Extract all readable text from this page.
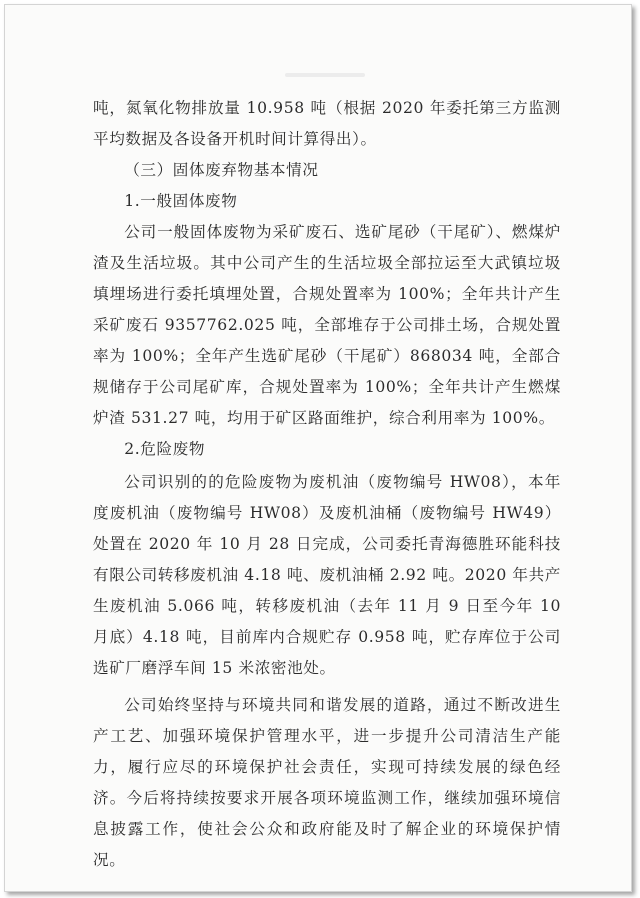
吨，氮氧化物排放量 10.958 吨（根据 2020 年委托第三方监测平均数据及各设备开机时间计算得出）。

（三）固体废弃物基本情况

1.一般固体废物

公司一般固体废物为采矿废石、选矿尾砂（干尾矿）、燃煤炉渣及生活垃圾。其中公司产生的生活垃圾全部拉运至大武镇垃圾填埋场进行委托填埋处置，合规处置率为 100%；全年共计产生采矿废石 9357762.025 吨，全部堆存于公司排土场，合规处置率为 100%；全年产生选矿尾砂（干尾矿）868034 吨，全部合规储存于公司尾矿库，合规处置率为 100%；全年共计产生燃煤炉渣 531.27 吨，均用于矿区路面维护，综合利用率为 100%。

2.危险废物

公司识别的的危险废物为废机油（废物编号 HW08），本年度废机油（废物编号 HW08）及废机油桶（废物编号 HW49）处置在 2020 年 10 月 28 日完成，公司委托青海德胜环能科技有限公司转移废机油 4.18 吨、废机油桶 2.92 吨。2020 年共产生废机油 5.066 吨，转移废机油（去年 11 月 9 日至今年 10 月底）4.18 吨，目前库内合规贮存 0.958 吨，贮存库位于公司选矿厂磨浮车间 15 米浓密池处。

公司始终坚持与环境共同和谐发展的道路，通过不断改进生产工艺、加强环境保护管理水平，进一步提升公司清洁生产能力，履行应尽的环境保护社会责任，实现可持续发展的绿色经济。今后将持续按要求开展各项环境监测工作，继续加强环境信息披露工作，使社会公众和政府能及时了解企业的环境保护情况。
